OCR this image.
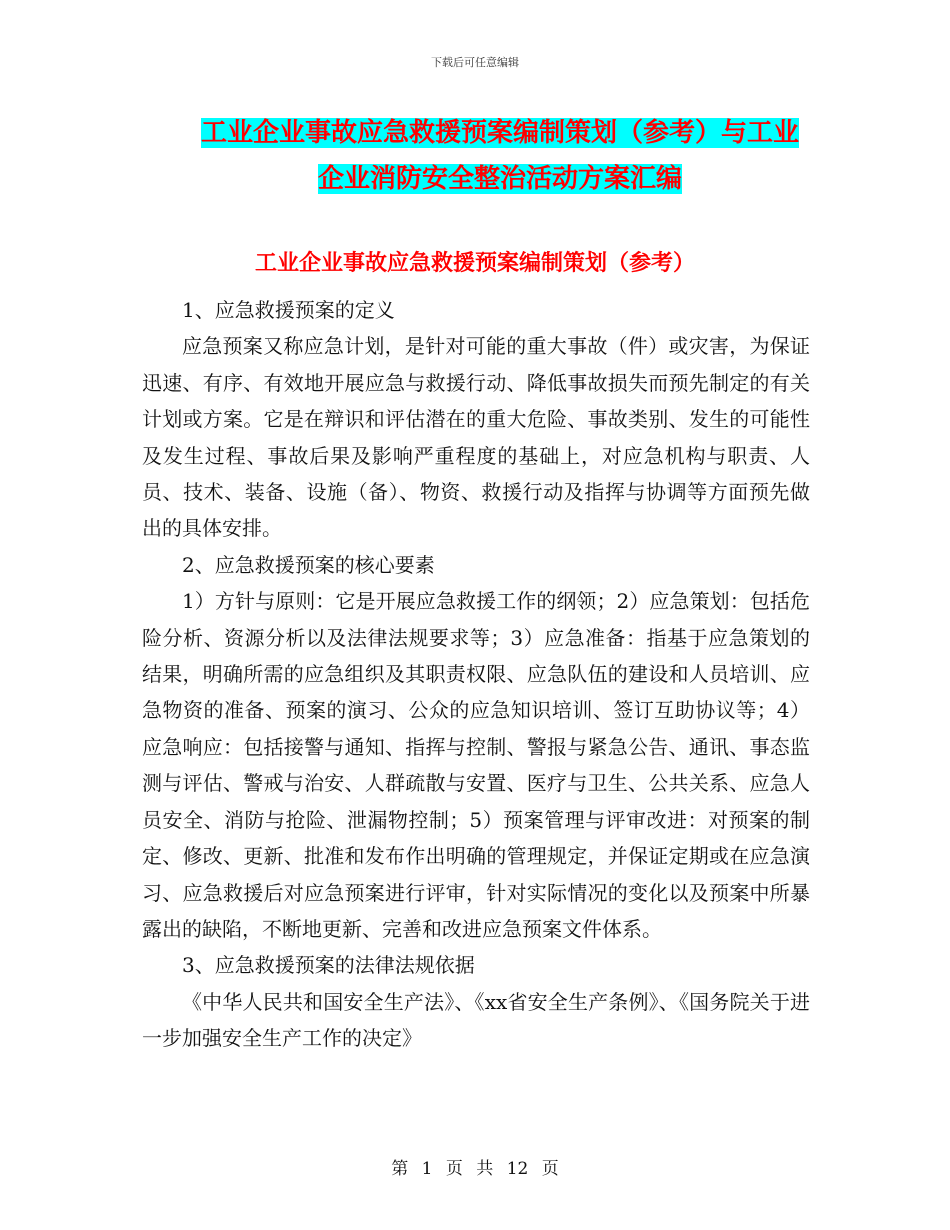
下载后可任意编辑
工业企业事故应急救援预案编制策划（参考）与工业
企业消防安全整治活动方案汇编
工业企业事故应急救援预案编制策划（参考）

1、应急救援预案的定义

应急预案又称应急计划，是针对可能的重大事故（件）或灾害，为保证迅速、有序、有效地开展应急与救援行动、降低事故损失而预先制定的有关计划或方案。它是在辩识和评估潜在的重大危险、事故类别、发生的可能性及发生过程、事故后果及影响严重程度的基础上，对应急机构与职责、人员、技术、装备、设施（备）、物资、救援行动及指挥与协调等方面预先做出的具体安排。

2、应急救援预案的核心要素

1）方针与原则：它是开展应急救援工作的纲领；2）应急策划：包括危险分析、资源分析以及法律法规要求等；3）应急准备：指基于应急策划的结果，明确所需的应急组织及其职责权限、应急队伍的建设和人员培训、应急物资的准备、预案的演习、公众的应急知识培训、签订互助协议等；4）应急响应：包括接警与通知、指挥与控制、警报与紧急公告、通讯、事态监测与评估、警戒与治安、人群疏散与安置、医疗与卫生、公共关系、应急人员安全、消防与抢险、泄漏物控制；5）预案管理与评审改进：对预案的制定、修改、更新、批准和发布作出明确的管理规定，并保证定期或在应急演习、应急救援后对应急预案进行评审，针对实际情况的变化以及预案中所暴露出的缺陷，不断地更新、完善和改进应急预案文件体系。

3、应急救援预案的法律法规依据

《中华人民共和国安全生产法》、《xx省安全生产条例》、《国务院关于进一步加强安全生产工作的决定》

第 1 页 共 12 页
